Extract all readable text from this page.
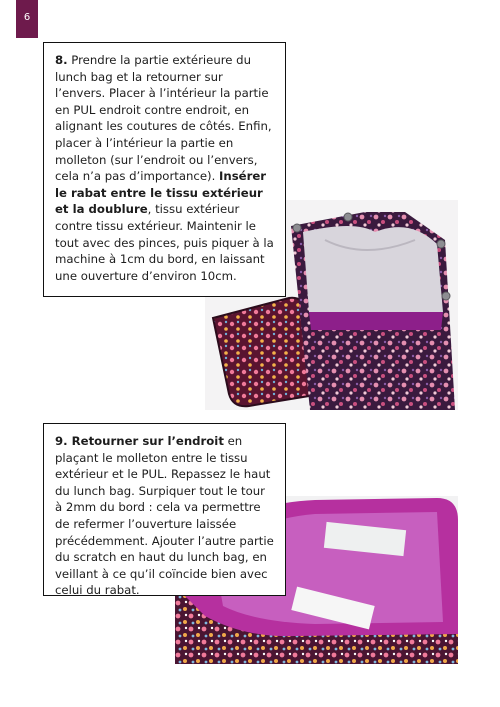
6
8. Prendre la partie extérieure du lunch bag et la retourner sur l’envers. Placer à l’intérieur la partie en PUL endroit contre endroit, en alignant les coutures de côtés. Enfin, placer à l’intérieur la partie en molleton (sur l’endroit ou l’envers, cela n’a pas d’importance). Insérer le rabat entre le tissu extérieur et la doublure, tissu extérieur contre tissu extérieur. Maintenir le tout avec des pinces, puis piquer à la machine à 1cm du bord, en laissant une ouverture d’environ 10cm.
9. Retourner sur l’endroit en plaçant le molleton entre le tissu extérieur et le PUL. Repassez le haut du lunch bag. Surpiquer tout le tour à 2mm du bord : cela va permettre de refermer l’ouverture laissée précédemment. Ajouter l’autre partie du scratch en haut du lunch bag, en veillant à ce qu’il coïncide bien avec celui du rabat.
